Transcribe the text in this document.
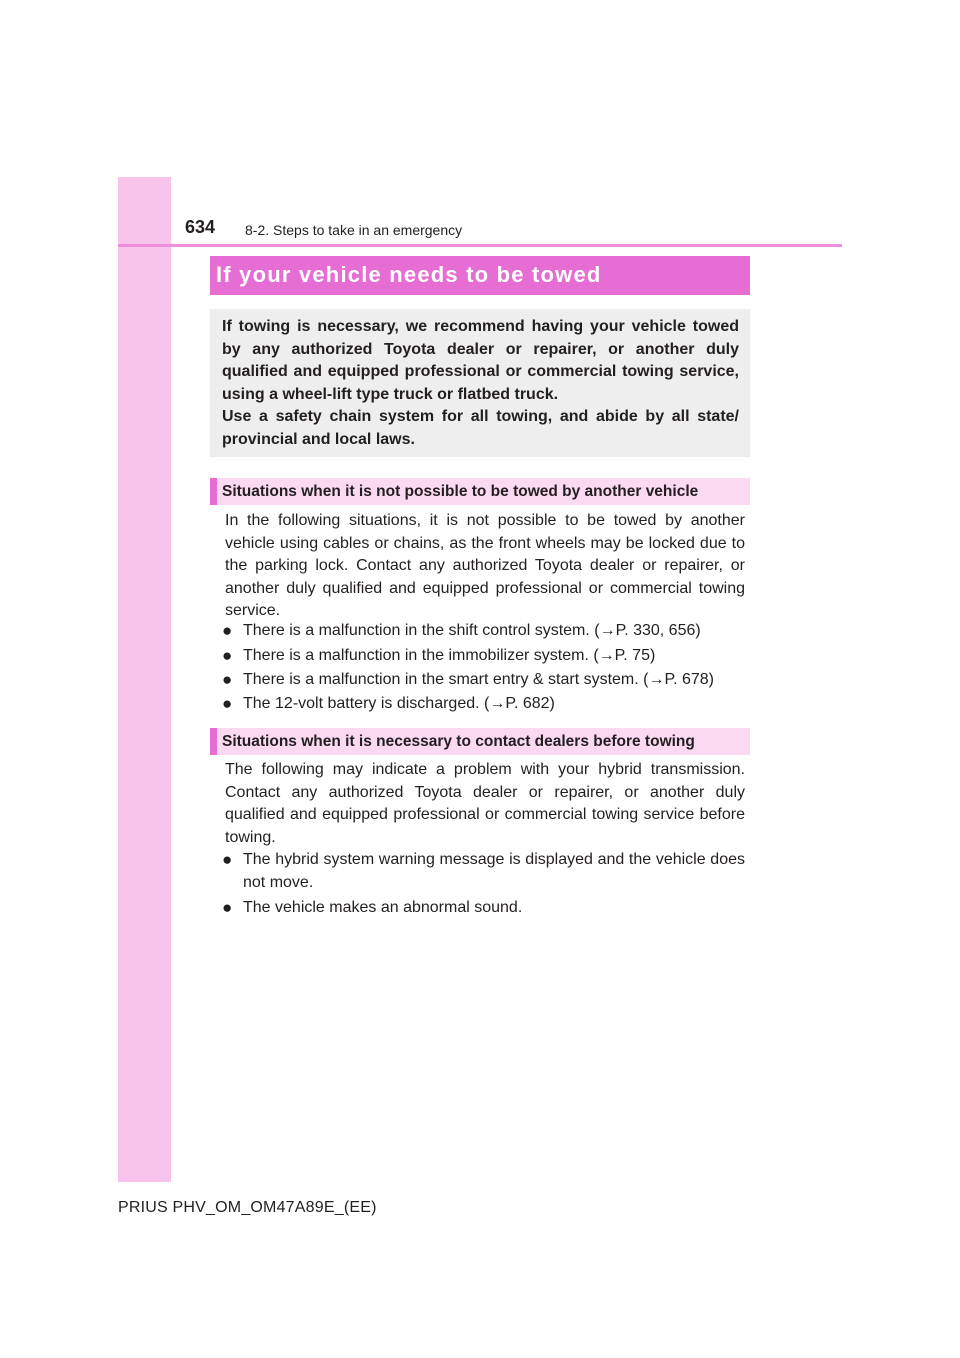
634 8-2. Steps to take in an emergency
If your vehicle needs to be towed

If towing is necessary, we recommend having your vehicle towed by any authorized Toyota dealer or repairer, or another duly qualified and equipped professional or commercial towing service, using a wheel-lift type truck or flatbed truck.

Use a safety chain system for all towing, and abide by all state/ provincial and local laws.

Situations when it is not possible to be towed by another vehicle
In the following situations, it is not possible to be towed by another vehicle using cables or chains, as the front wheels may be locked due to the parking lock. Contact any authorized Toyota dealer or repairer, or another duly qualified and equipped professional or commercial towing service.
● There is a malfunction in the shift control system. (→P. 330, 656)
● There is a malfunction in the immobilizer system. (→P. 75)
● There is a malfunction in the smart entry & start system. (→P. 678)
● The 12-volt battery is discharged. (→P. 682)
Situations when it is necessary to contact dealers before towing
The following may indicate a problem with your hybrid transmission. Contact any authorized Toyota dealer or repairer, or another duly qualified and equipped professional or commercial towing service before towing.
● The hybrid system warning message is displayed and the vehicle does not move.
● The vehicle makes an abnormal sound.
PRIUS PHV_OM_OM47A89E_(EE)
